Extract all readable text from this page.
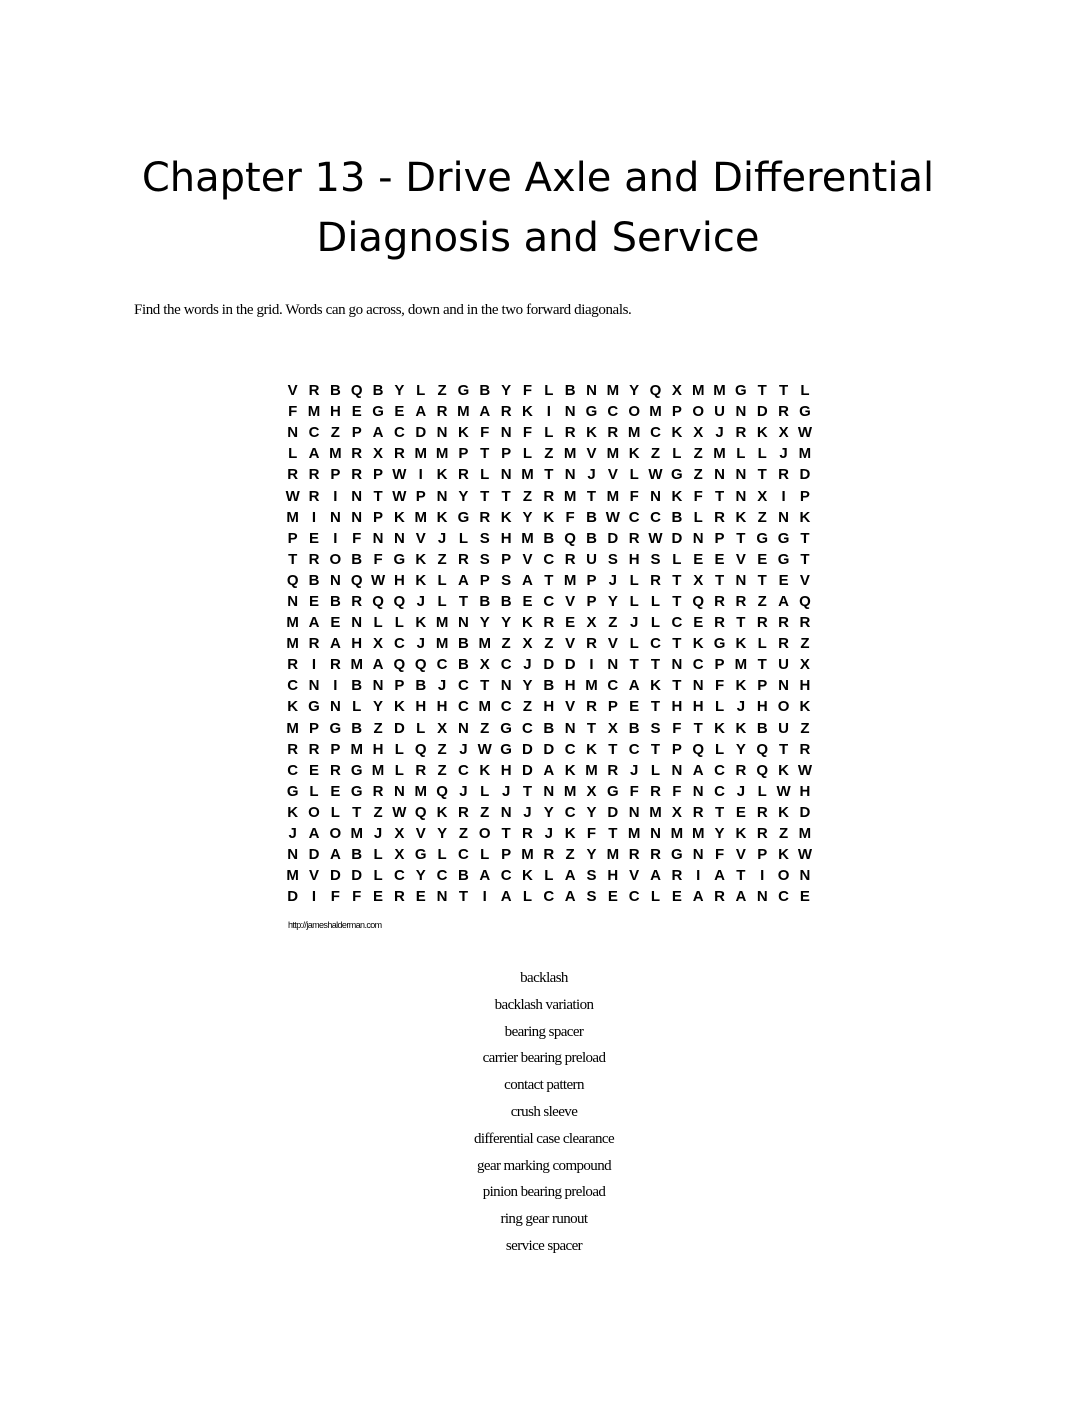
Chapter 13 - Drive Axle and Differential
Diagnosis and Service
Find the words in the grid. Words can go across, down and in the two forward diagonals.
V R B Q B Y L Z G B Y F L B N M Y Q X M M G T T L
F M H E G E A R M A R K I N G C O M P O U N D R G
N C Z P A C D N K F N F L R K R M C K X J R K X W
L A M R X R M M P T P L Z M V M K Z L Z M L L J M
R R P R P W I K R L N M T N J V L W G Z N N T R D
W R I N T W P N Y T T Z R M T M F N K F T N X I P
M I N N P K M K G R K Y K F B W C C B L R K Z N K
P E I F N N V J L S H M B Q B D R W D N P T G G T
T R O B F G K Z R S P V C R U S H S L E E V E G T
Q B N Q W H K L A P S A T M P J L R T X T N T E V
N E B R Q Q J L T B B E C V P Y L L T Q R R Z A Q
M A E N L L K M N Y Y K R E X Z J L C E R T R R R
M R A H X C J M B M Z X Z V R V L C T K G K L R Z
R I R M A Q Q C B X C J D D I N T T N C P M T U X
C N I B N P B J C T N Y B H M C A K T N F K P N H
K G N L Y K H H C M C Z H V R P E T H H L J H O K
M P G B Z D L X N Z G C B N T X B S F T K K B U Z
R R P M H L Q Z J W G D D C K T C T P Q L Y Q T R
C E R G M L R Z C K H D A K M R J L N A C R Q K W
G L E G R N M Q J L J T N M X G F R F N C J L W H
K O L T Z W Q K R Z N J Y C Y D N M X R T E R K D
J A O M J X V Y Z O T R J K F T M N M M Y K R Z M
N D A B L X G L C L P M R Z Y M R R G N F V P K W
M V D D L C Y C B A C K L A S H V A R I A T I O N
D I F F E R E N T I A L C A S E C L E A R A N C E
http://jameshalderman.com
backlash
backlash variation
bearing spacer
carrier bearing preload
contact pattern
crush sleeve
differential case clearance
gear marking compound
pinion bearing preload
ring gear runout
service spacer
